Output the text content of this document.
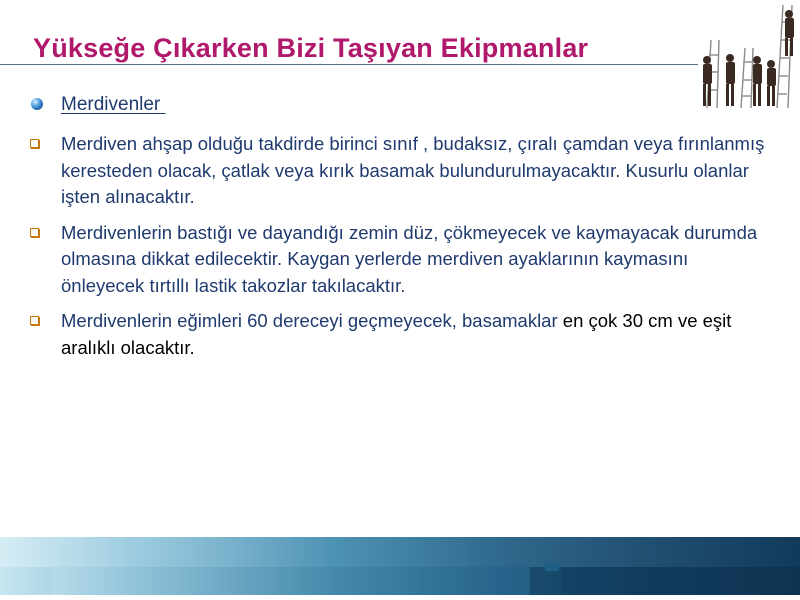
Yükseğe Çıkarken Bizi Taşıyan Ekipmanlar
Merdivenler
Merdiven ahşap olduğu takdirde birinci sınıf , budaksız, çıralı çamdan veya fırınlanmış keresteden olacak, çatlak veya kırık basamak bulundurulmayacaktır. Kusurlu olanlar işten alınacaktır.
Merdivenlerin bastığı ve dayandığı zemin düz, çökmeyecek ve kaymayacak durumda olmasına dikkat edilecektir. Kaygan yerlerde merdiven ayaklarının kaymasını önleyecek tırtıllı lastik takozlar takılacaktır.
Merdivenlerin eğimleri 60 dereceyi geçmeyecek, basamaklar en çok 30 cm ve eşit aralıklı olacaktır.
